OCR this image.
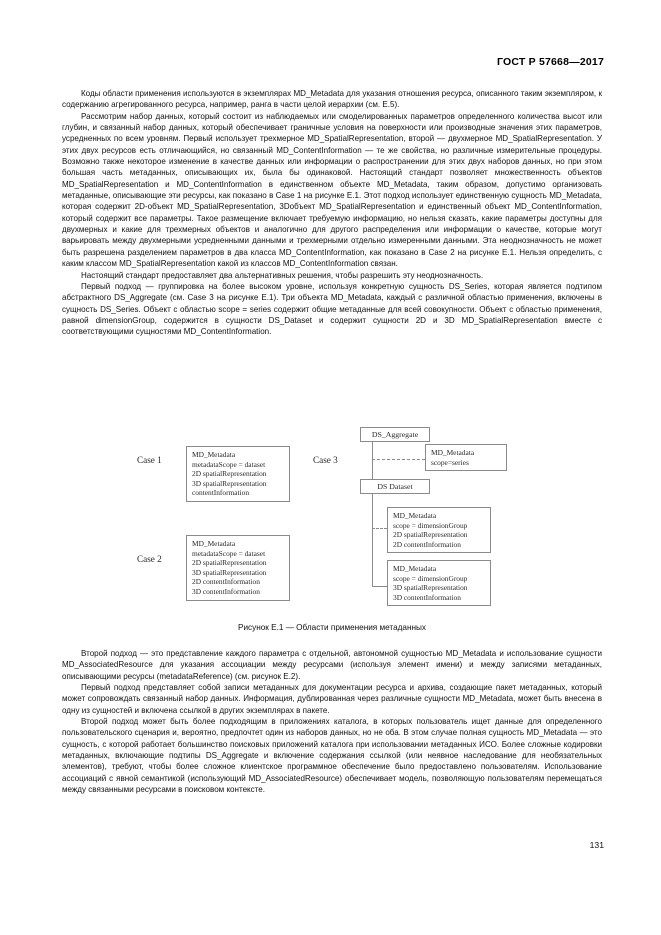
ГОСТ Р 57668—2017

Коды области применения используются в экземплярах MD_Metadata для указания отношения ресурса, описанного таким экземпляром, к содержанию агрегированного ресурса, например, ранга в части целой иерархии (см. Е.5).

Рассмотрим набор данных, который состоит из наблюдаемых или смоделированных параметров определенного количества высот или глубин, и связанный набор данных, который обеспечивает граничные условия на поверхности или производные значения этих параметров, усредненных по всем уровням. Первый использует трехмерное MD_SpatialRepresentation, второй — двухмерное MD_SpatialRepresentation. У этих двух ресурсов есть отличающийся, но связанный MD_ContentInformation — те же свойства, но различные измерительные процедуры. Возможно также некоторое изменение в качестве данных или информации о распространении для этих двух наборов данных, но при этом большая часть метаданных, описывающих их, была бы одинаковой. Настоящий стандарт позволяет множественность объектов MD_SpatialRepresentation и MD_ContentInformation в единственном объекте MD_Metadata, таким образом, допустимо организовать метаданные, описывающие эти ресурсы, как показано в Case 1 на рисунке Е.1. Этот подход использует единственную сущность MD_Metadata, которая содержит 2D-объект MD_SpatialRepresentation, 3Dобъект MD_SpatialRepresentation и единственный объект MD_ContentInformation, который содержит все параметры. Такое размещение включает требуемую информацию, но нельзя сказать, какие параметры доступны для двухмерных и какие для трехмерных объектов и аналогично для другого распределения или информации о качестве, которые могут варьировать между двухмерными усредненными данными и трехмерными отдельно измеренными данными. Эта неоднозначность не может быть разрешена разделением параметров в два класса MD_ContentInformation, как показано в Case 2 на рисунке Е.1. Нельзя определить, с каким классом MD_SpatialRepresentation какой из классов MD_ContentInformation связан.

Настоящий стандарт предоставляет два альтернативных решения, чтобы разрешить эту неоднозначность.

Первый подход — группировка на более высоком уровне, используя конкретную сущность DS_Series, которая является подтипом абстрактного DS_Aggregate (см. Case 3 на рисунке Е.1). Три объекта MD_Metadata, каждый с различной областью применения, включены в сущность DS_Series. Объект с областью scope = series содержит общие метаданные для всей совокупности. Объект с областью применения, равной dimensionGroup, содержится в сущности DS_Dataset и содержит сущности 2D и 3D MD_SpatialRepresentation вместе с соответствующими сущностями MD_ContentInformation.

Case 1
MD_Metadata
metadataScope = dataset
2D spatialRepresentation
3D spatialRepresentation
contentInformation
Case 2
MD_Metadata
metadataScope = dataset
2D spatialRepresentation
3D spatialRepresentation
2D contentInformation
3D contentInformation
Case 3
DS_Aggregate
MD_Metadata
scope=series
DS Dataset
MD_Metadata
scope = dimensionGroup
2D spatialRepresentation
2D contentInformation
MD_Metadata
scope = dimensionGroup
3D spatialRepresentation
3D contentInformation
Рисунок Е.1 — Области применения метаданных

Второй подход — это представление каждого параметра с отдельной, автономной сущностью MD_Metadata и использование сущности MD_AssociatedResource для указания ассоциации между ресурсами (используя элемент имени) и между записями метаданных, описывающими ресурсы (metadataReference) (см. рисунок Е.2).

Первый подход представляет собой записи метаданных для документации ресурса и архива, создающие пакет метаданных, который может сопровождать связанный набор данных. Информация, дублированная через различные сущности MD_Metadata, может быть внесена в одну из сущностей и включена ссылкой в других экземплярах в пакете.

Второй подход может быть более подходящим в приложениях каталога, в которых пользователь ищет данные для определенного пользовательского сценария и, вероятно, предпочтет один из наборов данных, но не оба. В этом случае полная сущность MD_Metadata — это сущность, с которой работает большинство поисковых приложений каталога при использовании метаданных ИСО. Более сложные кодировки метаданных, включающие подтипы DS_Aggregate и включение содержания ссылкой (или неявное наследование для необязательных элементов), требуют, чтобы более сложное клиентское программное обеспечение было предоставлено пользователям. Использование ассоциаций с явной семантикой (использующий MD_AssociatedResource) обеспечивает модель, позволяющую пользователям перемещаться между связанными ресурсами в поисковом контексте.

131
